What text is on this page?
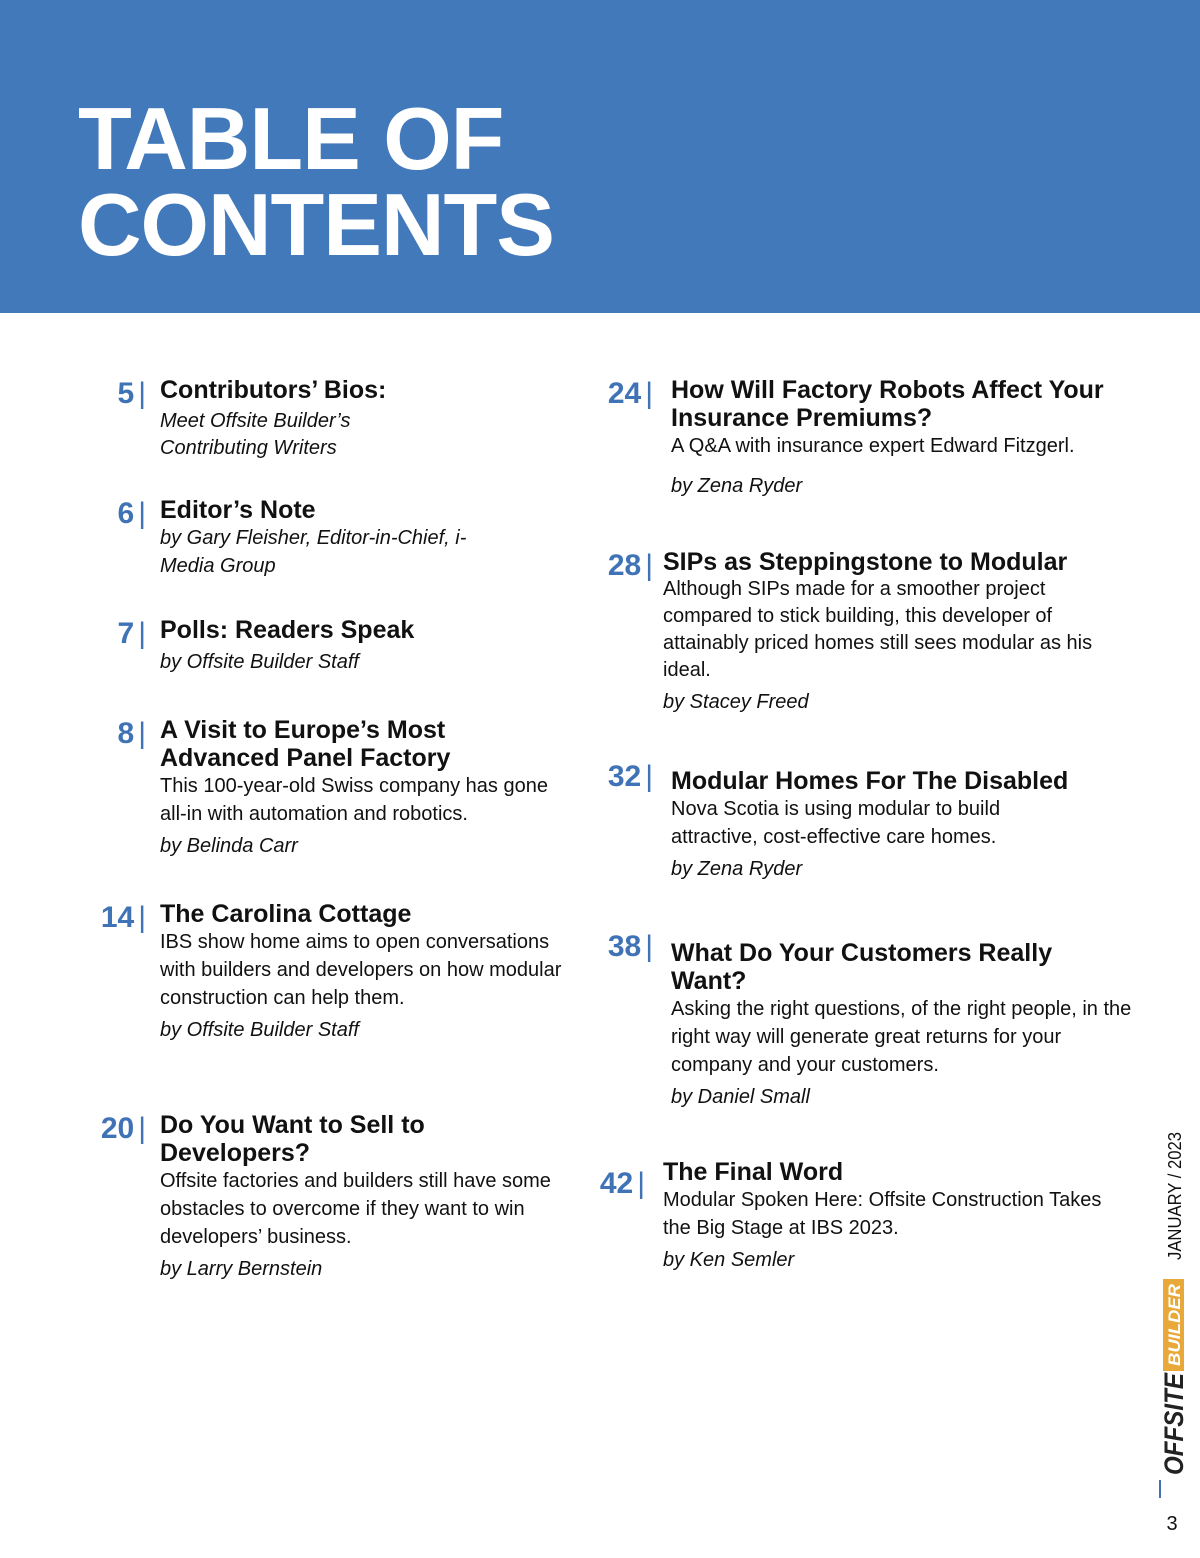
TABLE OF
CONTENTS
5 | Contributors’ Bios:
Meet Offsite Builder’s Contributing Writers
6 | Editor’s Note
by Gary Fleisher, Editor-in-Chief, i-Media Group
7 | Polls: Readers Speak
by Offsite Builder Staff
8 | A Visit to Europe’s Most Advanced Panel Factory
This 100-year-old Swiss company has gone all-in with automation and robotics.
by Belinda Carr
14 | The Carolina Cottage
IBS show home aims to open conversations with builders and developers on how modular construction can help them.
by Offsite Builder Staff
20 | Do You Want to Sell to Developers?
Offsite factories and builders still have some obstacles to overcome if they want to win developers’ business.
by Larry Bernstein
24 | How Will Factory Robots Affect Your Insurance Premiums?
A Q&A with insurance expert Edward Fitzgerl.
by Zena Ryder
28 | SIPs as Steppingstone to Modular
Although SIPs made for a smoother project compared to stick building, this developer of attainably priced homes still sees modular as his ideal.
by Stacey Freed
32 | Modular Homes For The Disabled
Nova Scotia is using modular to build attractive, cost-effective care homes.
by Zena Ryder
38 | What Do Your Customers Really Want?
Asking the right questions, of the right people, in the right way will generate great returns for your company and your customers.
by Daniel Small
42 | The Final Word
Modular Spoken Here: Offsite Construction Takes the Big Stage at IBS 2023.
by Ken Semler
OFFSITE
BUILDER
JANUARY / 2023
3
